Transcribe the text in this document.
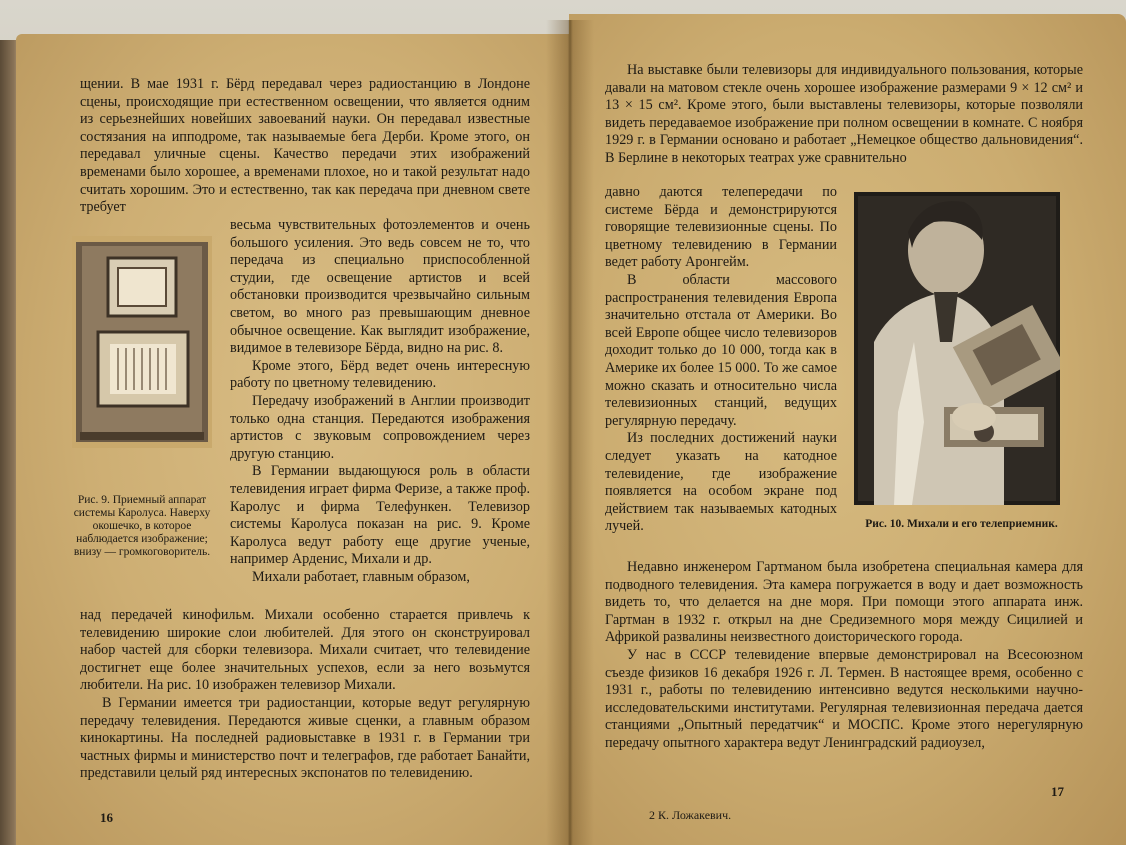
щении. В мае 1931 г. Бёрд передавал через радиостанцию в Лондоне сцены, происходящие при естественном освещении, что является одним из серьезнейших новейших завоеваний науки. Он передавал известные состязания на ипподроме, так называемые бега Дерби. Кроме этого, он передавал уличные сцены. Качество передачи этих изображений временами было хорошее, а временами плохое, но и такой результат надо считать хорошим. Это и естественно, так как передача при дневном свете требует

весьма чувствительных фотоэлементов и очень большого усиления. Это ведь совсем не то, что передача из специально приспособленной студии, где освещение артистов и всей обстановки производится чрезвычайно сильным светом, во много раз превышающим дневное обычное освещение. Как выглядит изображение, видимое в телевизоре Бёрда, видно на рис. 8.

Кроме этого, Бёрд ведет очень интересную работу по цветному телевидению.

Передачу изображений в Англии производит только одна станция. Передаются изображения артистов с звуковым сопровождением через другую станцию.

В Германии выдающуюся роль в области телевидения играет фирма Феризе, а также проф. Каролус и фирма Телефункен. Телевизор системы Каролуса показан на рис. 9. Кроме Каролуса ведут работу еще другие ученые, например Арденис, Михали и др.

Михали работает, главным образом,

Рис. 9. Приемный аппарат системы Каролуса. Наверху окошечко, в которое наблюдается изображение; внизу — громкоговоритель.

над передачей кинофильм. Михали особенно старается привлечь к телевидению широкие слои любителей. Для этого он сконструировал набор частей для сборки телевизора. Михали считает, что телевидение достигнет еще более значительных успехов, если за него возьмутся любители. На рис. 10 изображен телевизор Михали.

В Германии имеется три радиостанции, которые ведут регулярную передачу телевидения. Передаются живые сценки, а главным образом кинокартины. На последней радиовыставке в 1931 г. в Германии три частных фирмы и министерство почт и телеграфов, где работает Банайти, представили целый ряд интересных экспонатов по телевидению.

16

На выставке были телевизоры для индивидуального пользования, которые давали на матовом стекле очень хорошее изображение размерами 9 × 12 см² и 13 × 15 см². Кроме этого, были выставлены телевизоры, которые позволяли видеть передаваемое изображение при полном освещении в комнате. С ноября 1929 г. в Германии основано и работает „Немецкое общество дальновидения“. В Берлине в некоторых театрах уже сравнительно

давно даются телепередачи по системе Бёрда и демонстрируются говорящие телевизионные сцены. По цветному телевидению в Германии ведет работу Аронгейм.

В области массового распространения телевидения Европа значительно отстала от Америки. Во всей Европе общее число телевизоров доходит только до 10 000, тогда как в Америке их более 15 000. То же самое можно сказать и относительно числа телевизионных станций, ведущих регулярную передачу.

Из последних достижений науки следует указать на катодное телевидение, где изображение появляется на особом экране под действием так называемых катодных лучей.	Рис. 10. Михали и его телеприемник.

Недавно инженером Гартманом была изобретена специальная камера для подводного телевидения. Эта камера погружается в воду и дает возможность видеть то, что делается на дне моря. При помощи этого аппарата инж. Гартман в 1932 г. открыл на дне Средиземного моря между Сицилией и Африкой развалины неизвестного доисторического города.

У нас в СССР телевидение впервые демонстрировал на Всесоюзном съезде физиков 16 декабря 1926 г. Л. Термен. В настоящее время, особенно с 1931 г., работы по телевидению интенсивно ведутся несколькими научно-исследовательскими институтами. Регулярная телевизионная передача дается станциями „Опытный передатчик“ и МОСПС. Кроме этого нерегулярную передачу опытного характера ведут Ленинградский радиоузел,

2 К. Ложакевич.
17
